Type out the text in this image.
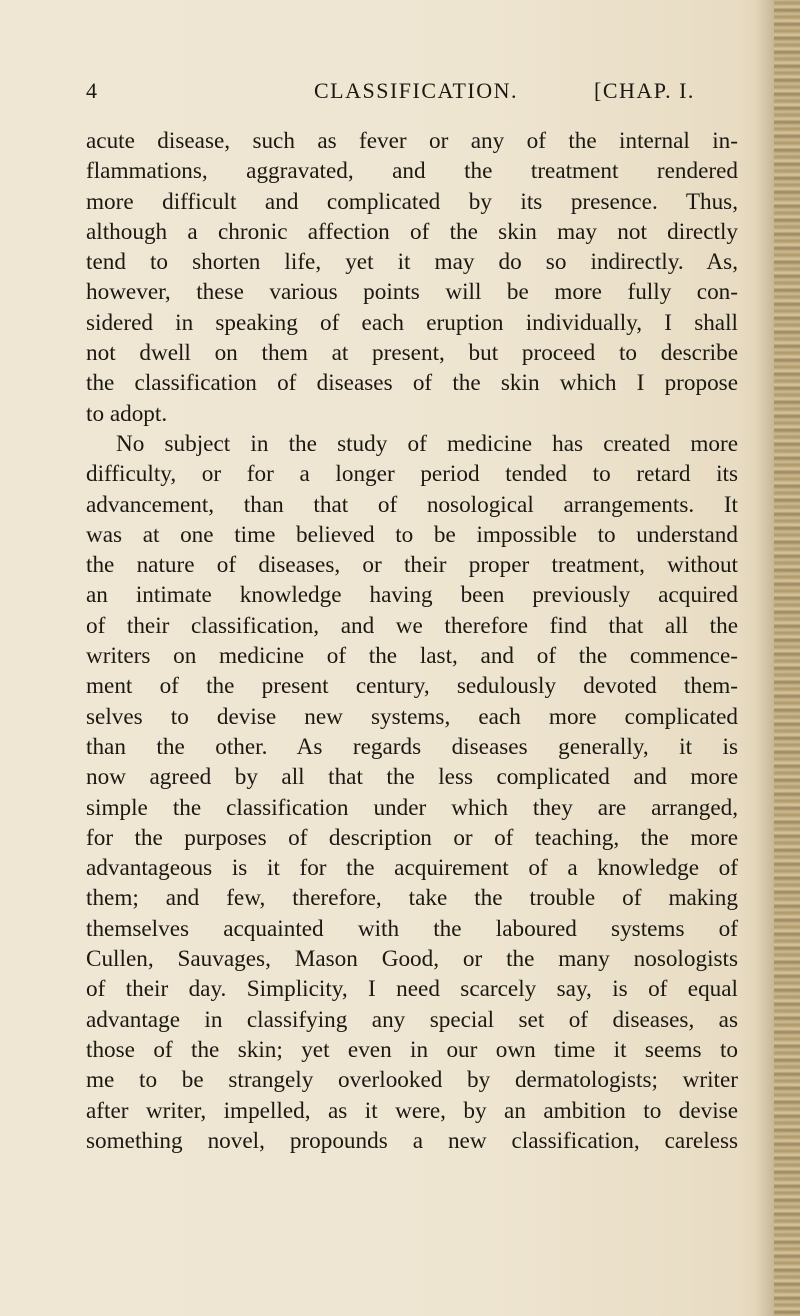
4	CLASSIFICATION.	[CHAP. I.
acute disease, such as fever or any of the internal in-
flammations, aggravated, and the treatment rendered
more difficult and complicated by its presence. Thus,
although a chronic affection of the skin may not directly
tend to shorten life, yet it may do so indirectly. As,
however, these various points will be more fully con-
sidered in speaking of each eruption individually, I shall
not dwell on them at present, but proceed to describe
the classification of diseases of the skin which I propose
to adopt.
No subject in the study of medicine has created more
difficulty, or for a longer period tended to retard its
advancement, than that of nosological arrangements. It
was at one time believed to be impossible to understand
the nature of diseases, or their proper treatment, without
an intimate knowledge having been previously acquired
of their classification, and we therefore find that all the
writers on medicine of the last, and of the commence-
ment of the present century, sedulously devoted them-
selves to devise new systems, each more complicated
than the other. As regards diseases generally, it is
now agreed by all that the less complicated and more
simple the classification under which they are arranged,
for the purposes of description or of teaching, the more
advantageous is it for the acquirement of a knowledge of
them; and few, therefore, take the trouble of making
themselves acquainted with the laboured systems of
Cullen, Sauvages, Mason Good, or the many nosologists
of their day. Simplicity, I need scarcely say, is of equal
advantage in classifying any special set of diseases, as
those of the skin; yet even in our own time it seems to
me to be strangely overlooked by dermatologists; writer
after writer, impelled, as it were, by an ambition to devise
something novel, propounds a new classification, careless
